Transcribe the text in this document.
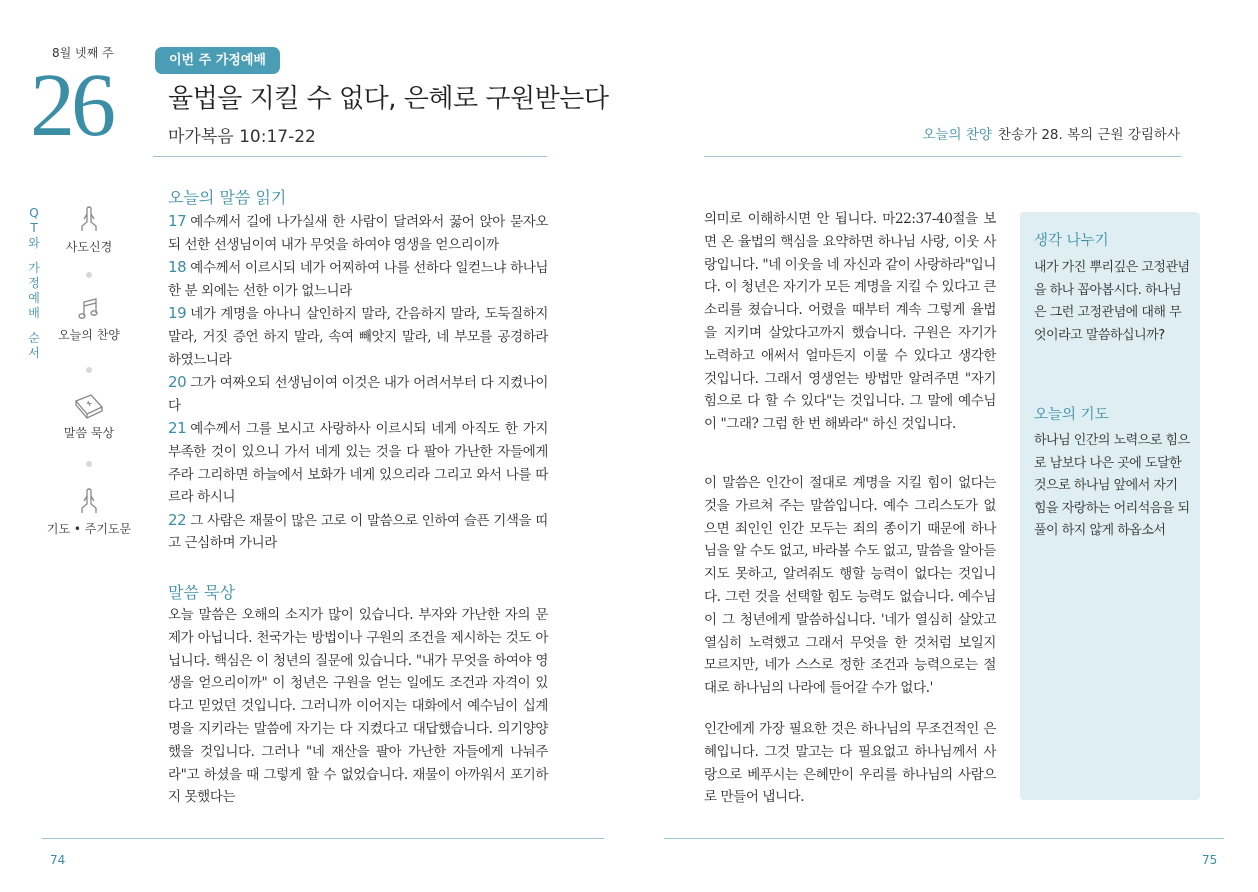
8월 넷째 주
26	이번 주 가정예배
율법을 지킬 수 없다, 은혜로 구원받는다
마가복음 10:17-22
Q
T
와
가
정
예
배
순
서
사도신경
오늘의 찬양
말씀 묵상
기도 • 주기도문
오늘의 말씀 읽기
17 예수께서 길에 나가실새 한 사람이 달려와서 꿇어 앉아 묻자오되 선한 선생님이여 내가 무엇을 하여야 영생을 얻으리이까
18 예수께서 이르시되 네가 어찌하여 나를 선하다 일컫느냐 하나님 한 분 외에는 선한 이가 없느니라
19 네가 계명을 아나니 살인하지 말라, 간음하지 말라, 도둑질하지 말라, 거짓 증언 하지 말라, 속여 빼앗지 말라, 네 부모를 공경하라 하였느니라
20 그가 여짜오되 선생님이여 이것은 내가 어려서부터 다 지켰나이다
21 예수께서 그를 보시고 사랑하사 이르시되 네게 아직도 한 가지 부족한 것이 있으니 가서 네게 있는 것을 다 팔아 가난한 자들에게 주라 그리하면 하늘에서 보화가 네게 있으리라 그리고 와서 나를 따르라 하시니
22 그 사람은 재물이 많은 고로 이 말씀으로 인하여 슬픈 기색을 띠고 근심하며 가니라
말씀 묵상
오늘 말씀은 오해의 소지가 많이 있습니다. 부자와 가난한 자의 문제가 아닙니다. 천국가는 방법이나 구원의 조건을 제시하는 것도 아닙니다. 핵심은 이 청년의 질문에 있습니다. "내가 무엇을 하여야 영생을 얻으리이까" 이 청년은 구원을 얻는 일에도 조건과 자격이 있다고 믿었던 것입니다. 그러니까 이어지는 대화에서 예수님이 십계명을 지키라는 말씀에 자기는 다 지켰다고 대답했습니다. 의기양양했을 것입니다. 그러나 "네 재산을 팔아 가난한 자들에게 나눠주라"고 하셨을 때 그렇게 할 수 없었습니다. 재물이 아까워서 포기하지 못했다는
74
오늘의 찬양 찬송가 28. 복의 근원 강림하사
의미로 이해하시면 안 됩니다. 마22:37-40절을 보면 온 율법의 핵심을 요약하면 하나님 사랑, 이웃 사랑입니다. "네 이웃을 네 자신과 같이 사랑하라"입니다. 이 청년은 자기가 모든 계명을 지킬 수 있다고 큰 소리를 쳤습니다. 어렸을 때부터 계속 그렇게 율법을 지키며 살았다고까지 했습니다. 구원은 자기가 노력하고 애써서 얼마든지 이룰 수 있다고 생각한 것입니다. 그래서 영생얻는 방법만 알려주면 "자기 힘으로 다 할 수 있다"는 것입니다. 그 말에 예수님이 "그래? 그럼 한 번 해봐라" 하신 것입니다.
이 말씀은 인간이 절대로 계명을 지킬 힘이 없다는 것을 가르쳐 주는 말씀입니다. 예수 그리스도가 없으면 죄인인 인간 모두는 죄의 종이기 때문에 하나님을 알 수도 없고, 바라볼 수도 없고, 말씀을 알아듣지도 못하고, 알려줘도 행할 능력이 없다는 것입니다. 그런 것을 선택할 힘도 능력도 없습니다. 예수님이 그 청년에게 말씀하십니다. '네가 열심히 살았고 열심히 노력했고 그래서 무엇을 한 것처럼 보일지 모르지만, 네가 스스로 정한 조건과 능력으로는 절대로 하나님의 나라에 들어갈 수가 없다.'
인간에게 가장 필요한 것은 하나님의 무조건적인 은혜입니다. 그것 말고는 다 필요없고 하나님께서 사랑으로 베푸시는 은혜만이 우리를 하나님의 사람으로 만들어 냅니다.
생각 나누기
내가 가진 뿌리깊은 고정관념을 하나 꼽아봅시다. 하나님은 그런 고정관념에 대해 무엇이라고 말씀하십니까?
오늘의 기도
하나님 인간의 노력으로 힘으로 남보다 나은 곳에 도달한 것으로 하나님 앞에서 자기 힘을 자랑하는 어리석음을 되풀이 하지 않게 하옵소서
75
